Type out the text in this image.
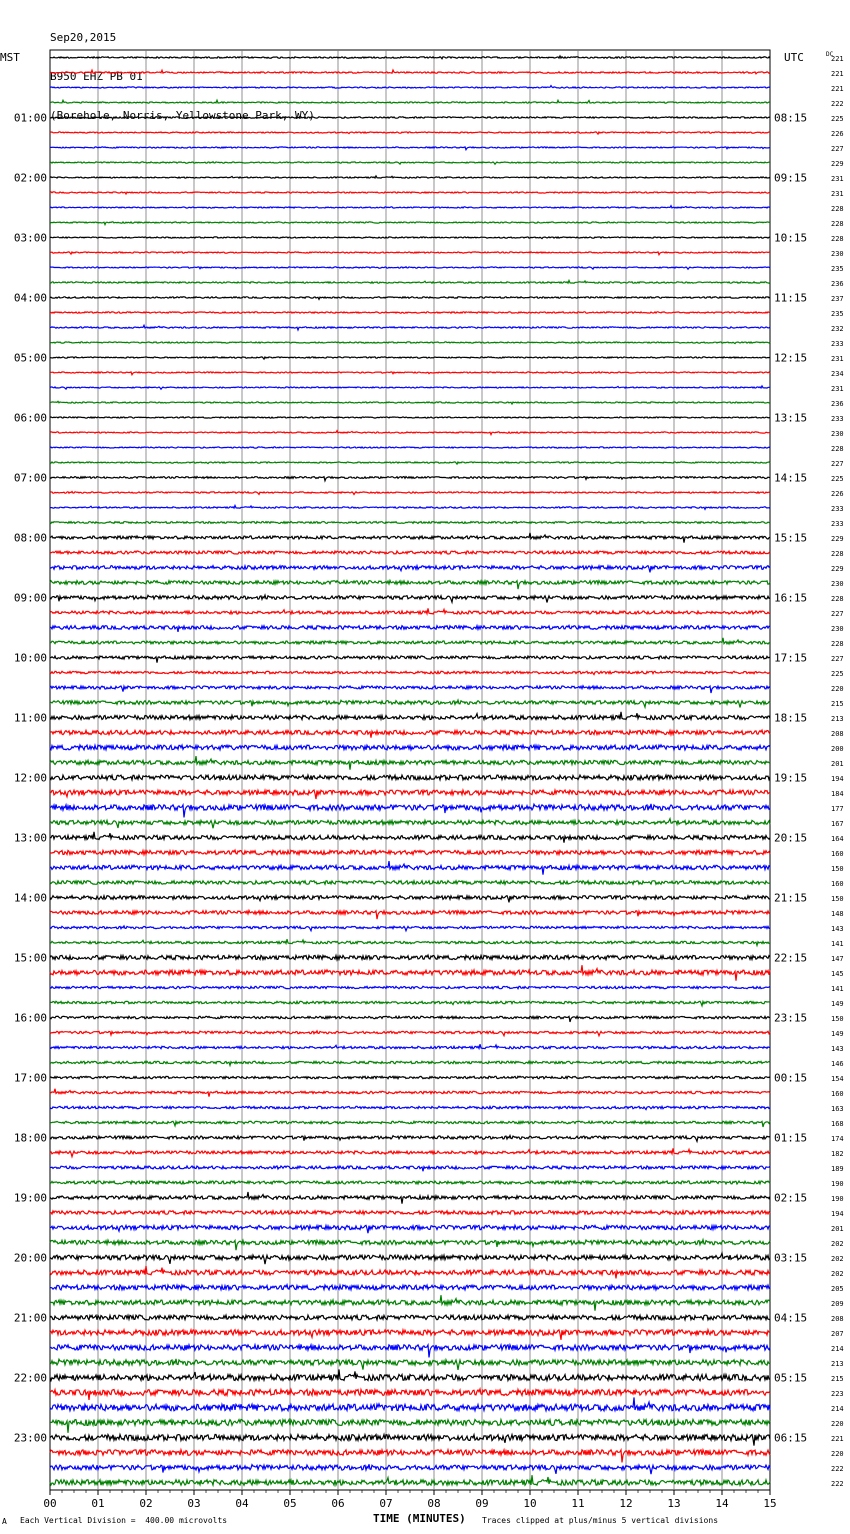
Sep20,2015

B950 EHZ PB 01

(Borehole, Norris, Yellowstone Park, WY)

00	01	02	03	04	05	06	07	08	09	10	11	12	13	14	15
MST	UTC	DC
221
221
221
222
225
01:00	08:15
226
227
229
231
02:00	09:15
231
228
228
228
03:00	10:15
230
235
236
237
04:00	11:15
235
232
233
231
05:00	12:15
234
231
236
233
06:00	13:15
230
228
227
225
07:00	14:15
226
233
233
229
08:00	15:15
228
229
230
228
09:00	16:15
227
230
228
227
10:00	17:15
225
220
215
213
11:00	18:15
208
200
201
194
12:00	19:15
184
177
167
164
13:00	20:15
160
150
160
150
14:00	21:15
148
143
141
147
15:00	22:15
145
141
149
150
16:00	23:15
149
143
146
154
17:00	00:15
160
163
168
174
18:00	01:15
182
189
190
190
19:00	02:15
194
201
202
202
20:00	03:15
202
205
209
208
21:00	04:15
207
214
213
215
22:00	05:15
223
214
220
221
23:00	06:15
220
222
222
A Each Vertical Division =  400.00 microvolts	TIME (MINUTES) Traces clipped at plus/minus 5 vertical divisions
